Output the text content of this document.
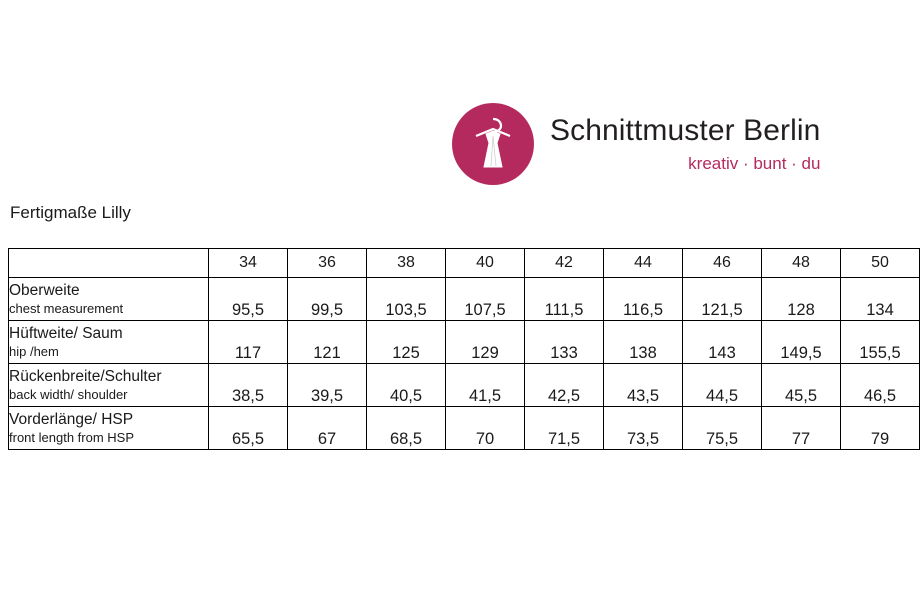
Schnittmuster Berlin
kreativ · bunt · du
Fertigmaße Lilly
	34	36	38	40	42	44	46	48	50

Oberweite
chest measurement	95,5	99,5	103,5	107,5	111,5	116,5	121,5	128	134

Hüftweite/ Saum
hip /hem	117	121	125	129	133	138	143	149,5	155,5

Rückenbreite/Schulter
back width/ shoulder	38,5	39,5	40,5	41,5	42,5	43,5	44,5	45,5	46,5

Vorderlänge/ HSP
front length from HSP	65,5	67	68,5	70	71,5	73,5	75,5	77	79
